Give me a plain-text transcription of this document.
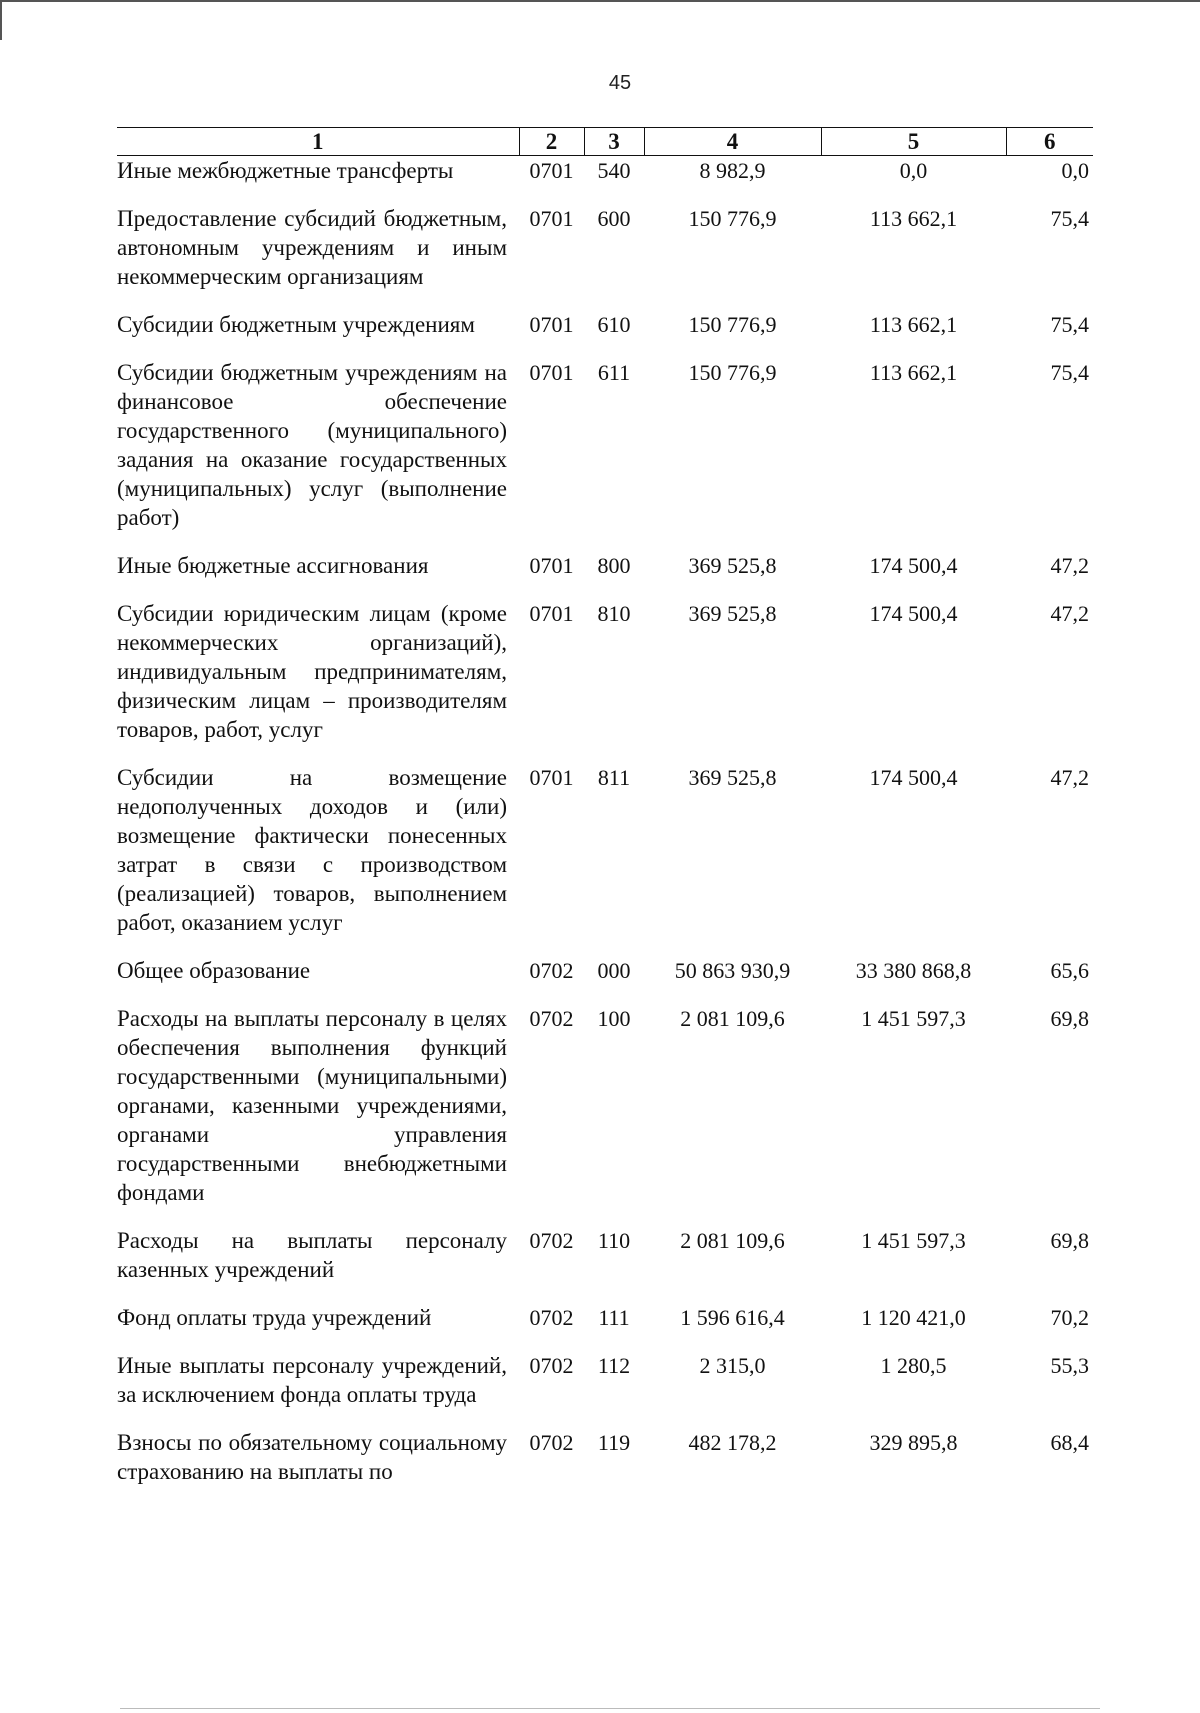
45
1	2	3	4	5	6
Иные межбюджетные трансферты	0701	540	8 982,9	0,0	0,0
Предоставление субсидий бюджетным, автономным учреждениям и иным некоммерческим организациям	0701	600	150 776,9	113 662,1	75,4
Субсидии бюджетным учреждениям	0701	610	150 776,9	113 662,1	75,4
Субсидии бюджетным учреждениям на финансовое обеспечение государственного (муниципального) задания на оказание государственных (муниципальных) услуг (выполнение работ)	0701	611	150 776,9	113 662,1	75,4
Иные бюджетные ассигнования	0701	800	369 525,8	174 500,4	47,2
Субсидии юридическим лицам (кроме некоммерческих организаций), индивидуальным предпринимателям, физическим лицам – производителям товаров, работ, услуг	0701	810	369 525,8	174 500,4	47,2
Субсидии на возмещение недополученных доходов и (или) возмещение фактически понесенных затрат в связи с производством (реализацией) товаров, выполнением работ, оказанием услуг	0701	811	369 525,8	174 500,4	47,2
Общее образование	0702	000	50 863 930,9	33 380 868,8	65,6
Расходы на выплаты персоналу в целях обеспечения выполнения функций государственными (муниципальными) органами, казенными учреждениями, органами управления государственными внебюджетными фондами	0702	100	2 081 109,6	1 451 597,3	69,8
Расходы на выплаты персоналу казенных учреждений	0702	110	2 081 109,6	1 451 597,3	69,8
Фонд оплаты труда учреждений	0702	111	1 596 616,4	1 120 421,0	70,2
Иные выплаты персоналу учреждений, за исключением фонда оплаты труда	0702	112	2 315,0	1 280,5	55,3
Взносы по обязательному социальному страхованию на выплаты по	0702	119	482 178,2	329 895,8	68,4
